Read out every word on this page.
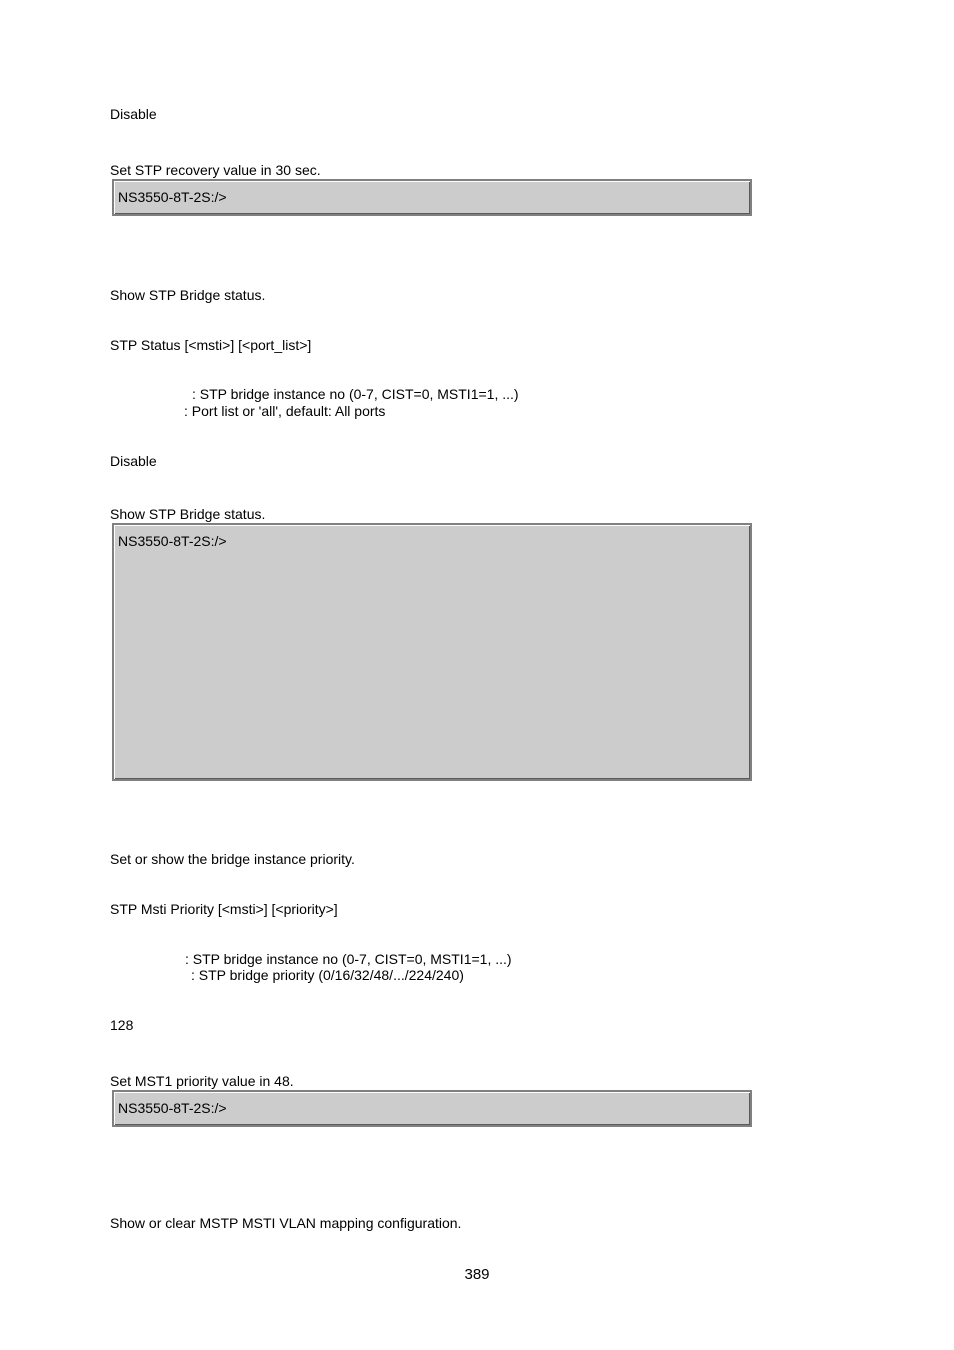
Disable
Set STP recovery value in 30 sec.
NS3550-8T-2S:/>
Show STP Bridge status.
STP Status [<msti>] [<port_list>]
: STP bridge instance no (0-7, CIST=0, MSTI1=1, ...)
: Port list or 'all', default: All ports
Disable
Show STP Bridge status.
NS3550-8T-2S:/>
Set or show the bridge instance priority.
STP Msti Priority [<msti>] [<priority>]
: STP bridge instance no (0-7, CIST=0, MSTI1=1, ...)
: STP bridge priority (0/16/32/48/.../224/240)
128
Set MST1 priority value in 48.
NS3550-8T-2S:/>
Show or clear MSTP MSTI VLAN mapping configuration.
389
